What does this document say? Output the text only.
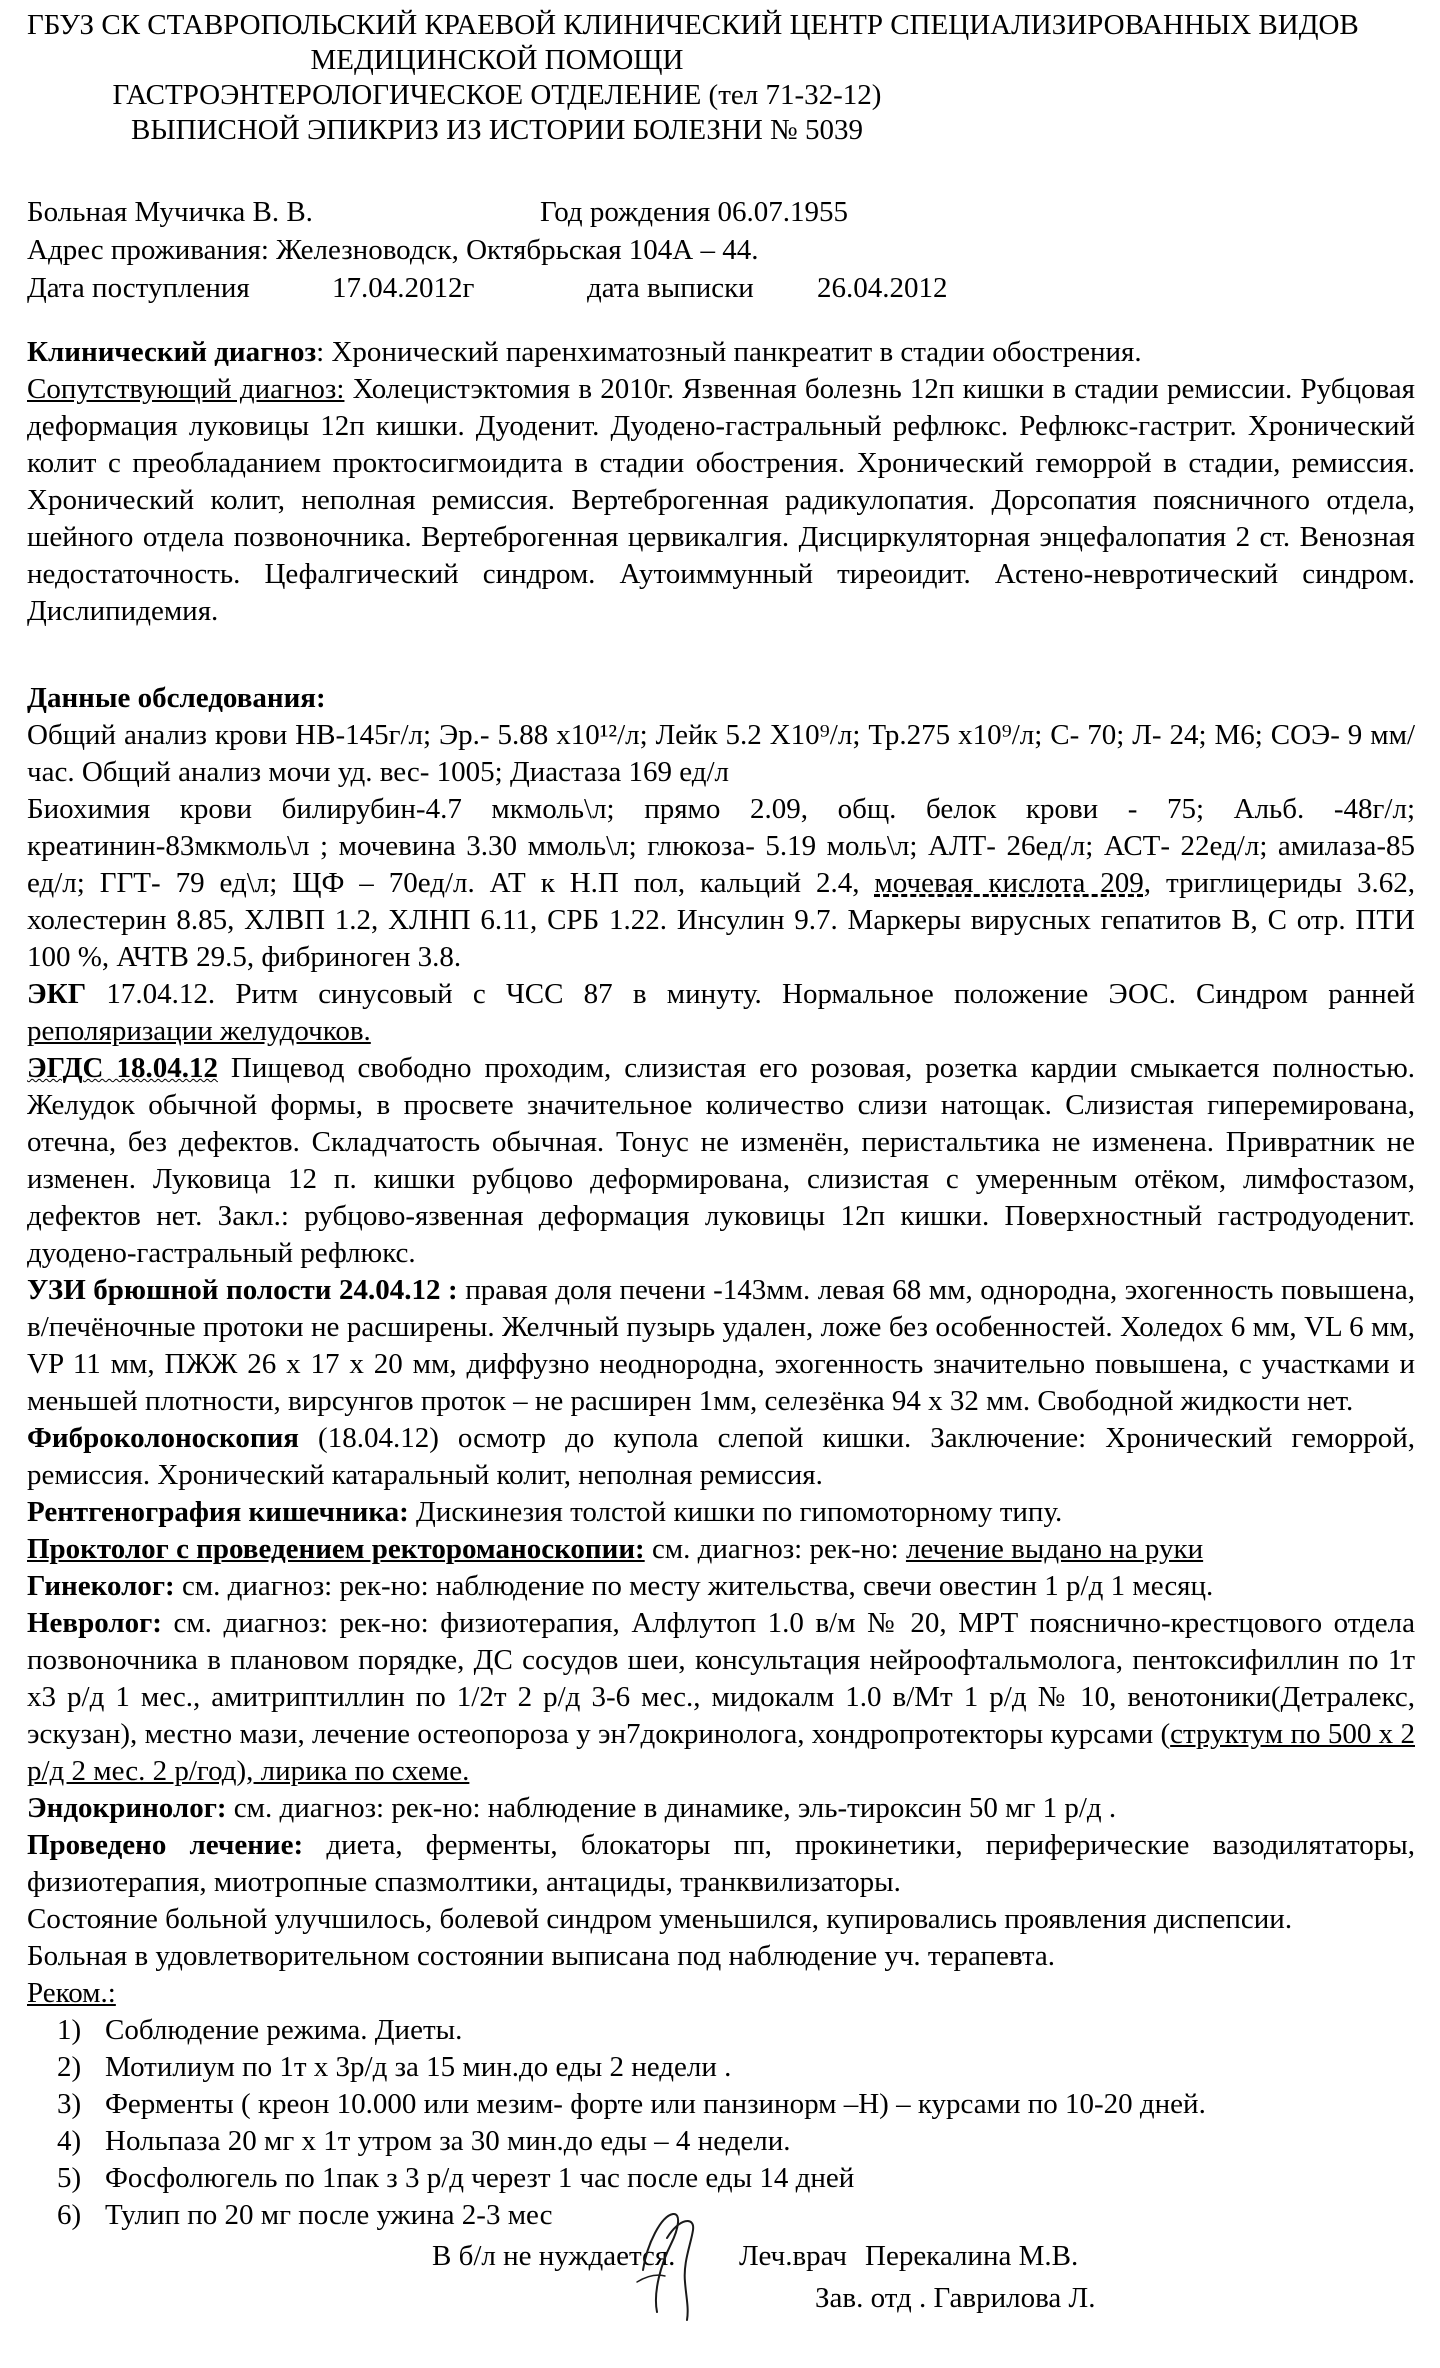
ГБУЗ СК СТАВРОПОЛЬСКИЙ КРАЕВОЙ КЛИНИЧЕСКИЙ ЦЕНТР СПЕЦИАЛИЗИРОВАННЫХ ВИДОВ
МЕДИЦИНСКОЙ ПОМОЩИ
ГАСТРОЭНТЕРОЛОГИЧЕСКОЕ ОТДЕЛЕНИЕ (тел 71-32-12)
ВЫПИСНОЙ ЭПИКРИЗ ИЗ ИСТОРИИ БОЛЕЗНИ № 5039
Больная Мучичка В. В.	Год рождения 06.07.1955
Адрес проживания: Железноводск, Октябрьская 104А – 44.
Дата поступления	17.04.2012г	дата выписки 26.04.2012

Клинический диагноз: Хронический паренхиматозный панкреатит в стадии обострения.

Сопутствующий диагноз: Холецистэктомия в 2010г. Язвенная болезнь 12п кишки в стадии ремиссии. Рубцовая деформация луковицы 12п кишки. Дуоденит. Дуодено-гастральный рефлюкс. Рефлюкс-гастрит. Хронический колит с преобладанием проктосигмоидита в стадии обострения. Хронический геморрой в стадии, ремиссия. Хронический колит, неполная ремиссия. Вертеброгенная радикулопатия. Дорсопатия поясничного отдела, шейного отдела позвоночника. Вертеброгенная цервикалгия. Дисциркуляторная энцефалопатия 2 ст. Венозная недостаточность. Цефалгический синдром. Аутоиммунный тиреоидит. Астено-невротический синдром. Дислипидемия.

Данные обследования:

Общий анализ крови НВ-145г/л; Эр.- 5.88 х10¹²/л; Лейк 5.2 Х10⁹/л; Тр.275 х10⁹/л; С- 70; Л- 24; М6; СОЭ- 9 мм/час. Общий анализ мочи уд. вес- 1005; Диастаза 169 ед/л

Биохимия крови билирубин-4.7 мкмоль\л; прямо 2.09, общ. белок крови - 75; Альб. -48г/л; креатинин-83мкмоль\л ; мочевина 3.30 ммоль\л; глюкоза- 5.19 моль\л; АЛТ- 26ед/л; АСТ- 22ед/л; амилаза-85 ед/л; ГГТ- 79 ед\л; ЩФ – 70ед/л. АТ к Н.П пол, кальций 2.4, мочевая кислота 209, триглицериды 3.62, холестерин 8.85, ХЛВП 1.2, ХЛНП 6.11, СРБ 1.22. Инсулин 9.7. Маркеры вирусных гепатитов В, С отр. ПТИ 100 %, АЧТВ 29.5, фибриноген 3.8.

ЭКГ 17.04.12. Ритм синусовый с ЧСС 87 в минуту. Нормальное положение ЭОС. Синдром ранней реполяризации желудочков.

ЭГДС 18.04.12 Пищевод свободно проходим, слизистая его розовая, розетка кардии смыкается полностью. Желудок обычной формы, в просвете значительное количество слизи натощак. Слизистая гиперемирована, отечна, без дефектов. Складчатость обычная. Тонус не изменён, перистальтика не изменена. Привратник не изменен. Луковица 12 п. кишки рубцово деформирована, слизистая с умеренным отёком, лимфостазом, дефектов нет. Закл.: рубцово-язвенная деформация луковицы 12п кишки. Поверхностный гастродуоденит. дуодено-гастральный рефлюкс.

УЗИ брюшной полости 24.04.12 : правая доля печени -143мм. левая 68 мм, однородна, эхогенность повышена, в/печёночные протоки не расширены. Желчный пузырь удален, ложе без особенностей. Холедох 6 мм, VL 6 мм, VP 11 мм, ПЖЖ 26 х 17 х 20 мм, диффузно неоднородна, эхогенность значительно повышена, с участками и меньшей плотности, вирсунгов проток – не расширен 1мм, селезёнка 94 х 32 мм. Свободной жидкости нет.

Фиброколоноскопия (18.04.12) осмотр до купола слепой кишки. Заключение: Хронический геморрой, ремиссия. Хронический катаральный колит, неполная ремиссия.

Рентгенография кишечника: Дискинезия толстой кишки по гипомоторному типу.

Проктолог с проведением ректороманоскопии: см. диагноз: рек-но: лечение выдано на руки

Гинеколог: см. диагноз: рек-но: наблюдение по месту жительства, свечи овестин 1 р/д 1 месяц.

Невролог: см. диагноз: рек-но: физиотерапия, Алфлутоп 1.0 в/м № 20, МРТ пояснично-крестцового отдела позвоночника в плановом порядке, ДС сосудов шеи, консультация нейроофтальмолога, пентоксифиллин по 1т х3 р/д 1 мес., амитриптиллин по 1/2т 2 р/д 3-6 мес., мидокалм 1.0 в/Мт 1 р/д № 10, венотоники(Детралекс, эскузан), местно мази, лечение остеопороза у эн7докринолога, хондропротекторы курсами (структум по 500 х 2 р/д 2 мес. 2 р/год), лирика по схеме.

Эндокринолог: см. диагноз: рек-но: наблюдение в динамике, эль-тироксин 50 мг 1 р/д .

Проведено лечение: диета, ферменты, блокаторы пп, прокинетики, периферические вазодилятаторы, физиотерапия, миотропные спазмолтики, антациды, транквилизаторы.

Состояние больной улучшилось, болевой синдром уменьшился, купировались проявления диспепсии.

Больная в удовлетворительном состоянии выписана под наблюдение уч. терапевта.

Реком.:

1) Соблюдение режима. Диеты.
2) Мотилиум по 1т х 3р/д за 15 мин.до еды 2 недели .
3) Ферменты ( креон 10.000 или мезим- форте или панзинорм –Н) – курсами по 10-20 дней.
4) Нольпаза 20 мг х 1т утром за 30 мин.до еды – 4 недели.
5) Фосфолюгель по 1пак з 3 р/д черезт 1 час после еды 14 дней
6) Тулип по 20 мг после ужина 2-3 мес
В б/л не нуждается. Леч.врач Перекалина М.В.
Зав. отд . Гаврилова Л.
